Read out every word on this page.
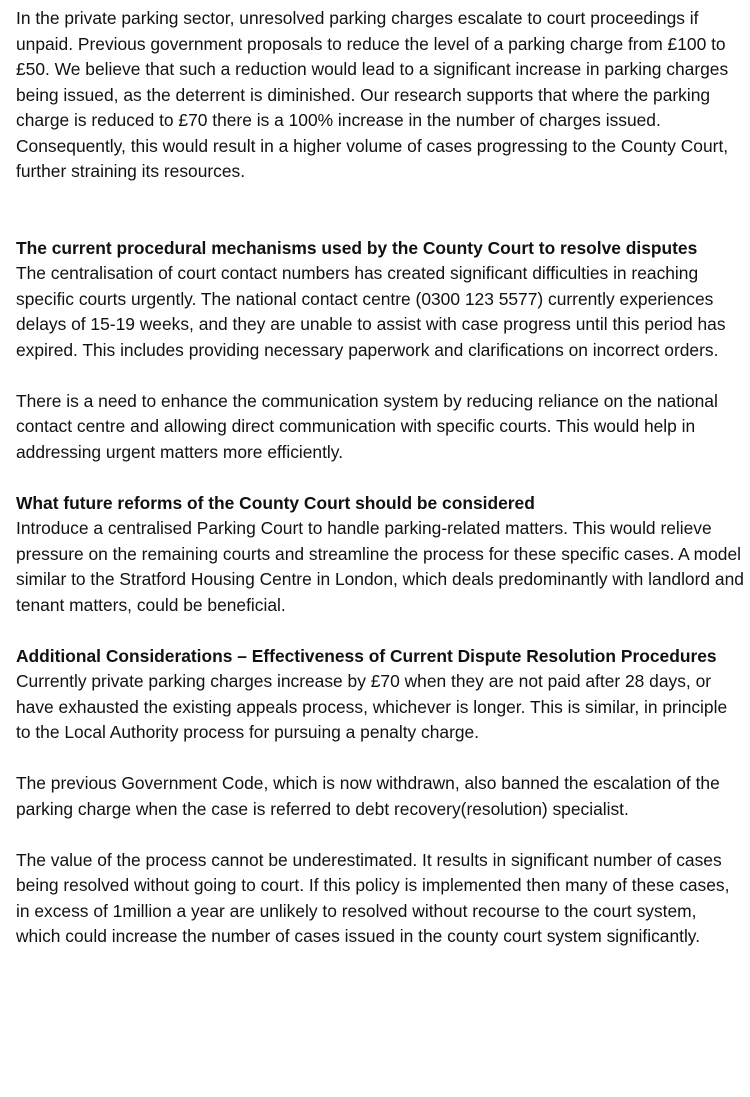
In the private parking sector, unresolved parking charges escalate to court proceedings if unpaid. Previous government proposals to reduce the level of a parking charge from £100 to £50. We believe that such a reduction would lead to a significant increase in parking charges being issued, as the deterrent is diminished. Our research supports that where the parking charge is reduced to £70 there is a 100% increase in the number of charges issued. Consequently, this would result in a higher volume of cases progressing to the County Court, further straining its resources.

The current procedural mechanisms used by the County Court to resolve disputes

The centralisation of court contact numbers has created significant difficulties in reaching specific courts urgently. The national contact centre (0300 123 5577) currently experiences delays of 15-19 weeks, and they are unable to assist with case progress until this period has expired. This includes providing necessary paperwork and clarifications on incorrect orders.

There is a need to enhance the communication system by reducing reliance on the national contact centre and allowing direct communication with specific courts. This would help in addressing urgent matters more efficiently.

What future reforms of the County Court should be considered

Introduce a centralised Parking Court to handle parking-related matters. This would relieve pressure on the remaining courts and streamline the process for these specific cases. A model similar to the Stratford Housing Centre in London, which deals predominantly with landlord and tenant matters, could be beneficial.

Additional Considerations – Effectiveness of Current Dispute Resolution Procedures

Currently private parking charges increase by £70 when they are not paid after 28 days, or have exhausted the existing appeals process, whichever is longer. This is similar, in principle to the Local Authority process for pursuing a penalty charge.

The previous Government Code, which is now withdrawn, also banned the escalation of the parking charge when the case is referred to debt recovery(resolution) specialist.

The value of the process cannot be underestimated. It results in significant number of cases being resolved without going to court. If this policy is implemented then many of these cases, in excess of 1million a year are unlikely to resolved without recourse to the court system, which could increase the number of cases issued in the county court system significantly.
